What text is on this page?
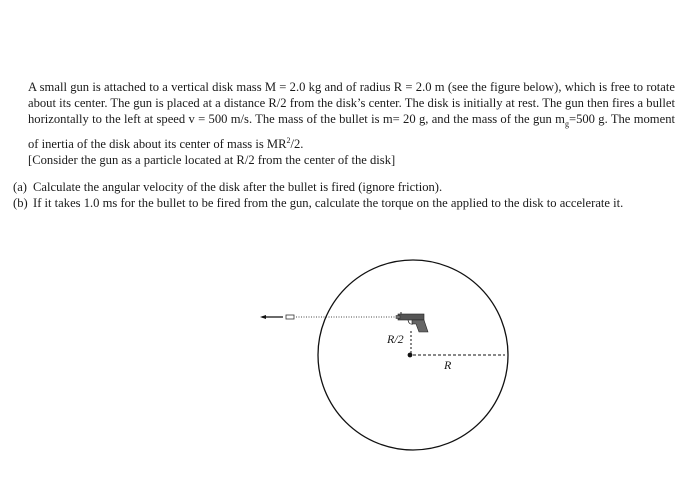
A small gun is attached to a vertical disk mass M = 2.0 kg and of radius R = 2.0 m (see the figure below), which is free to rotate about its center. The gun is placed at a distance R/2 from the disk’s center. The disk is initially at rest. The gun then fires a bullet horizontally to the left at speed v = 500 m/s. The mass of the bullet is m= 20 g, and the mass of the gun $m_g=500$ g. The moment of inertia of the disk about its center of mass is $MR^2/2$.

[Consider the gun as a particle located at R/2 from the center of the disk]

(a) Calculate the angular velocity of the disk after the bullet is fired (ignore friction).
(b) If it takes 1.0 ms for the bullet to be fired from the gun, calculate the torque on the applied to the disk to accelerate it.
R/2
R
